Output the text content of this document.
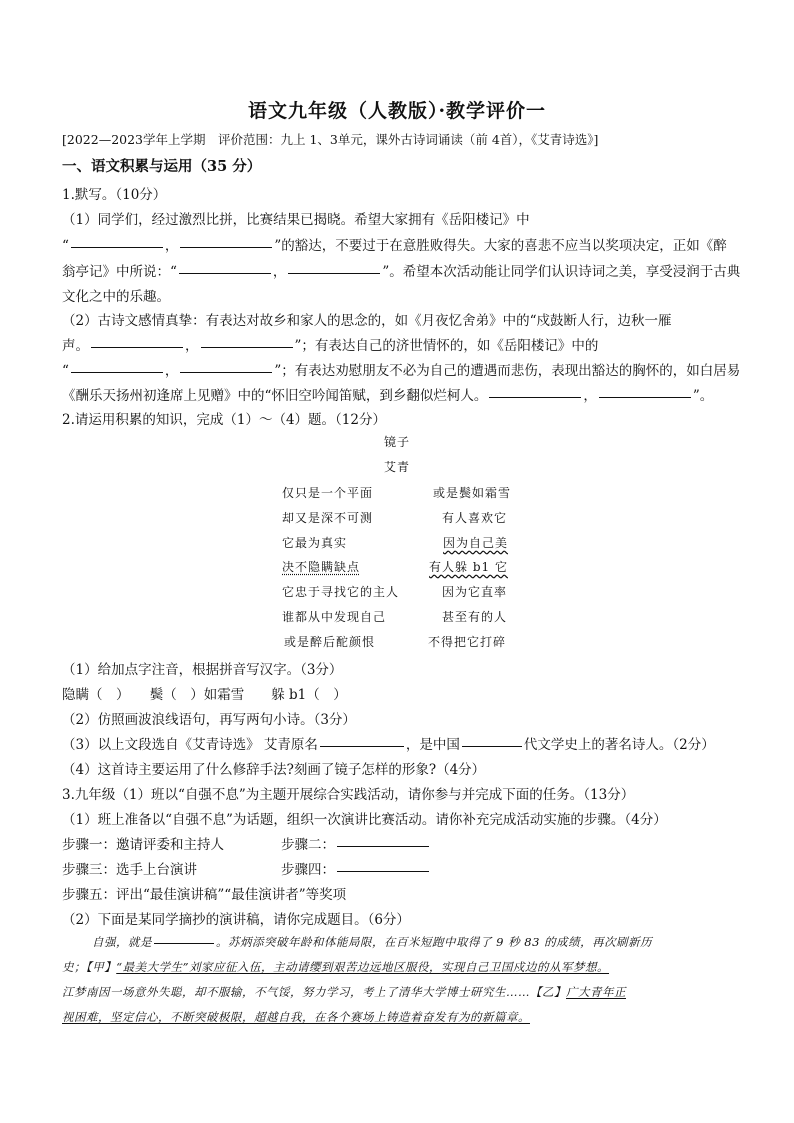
语文九年级（人教版）·教学评价一
[2022—2023学年上学期　评价范围：九上 1、3单元，课外古诗词诵读（前 4首），《艾青诗选》]
一、语文积累与运用（35 分）
1.默写。（10分）
（1）同学们，经过激烈比拼，比赛结果已揭晓。希望大家拥有《岳阳楼记》中
“	，	”的豁达，不要过于在意胜败得失。大家的喜悲不应当以奖项决定，正如《醉
翁亭记》中所说：“	，	”。希望本次活动能让同学们认识诗词之美，享受浸润于古典
文化之中的乐趣。
（2）古诗文感情真挚：有表达对故乡和家人的思念的，如《月夜忆舍弟》中的“戍鼓断人行，边秋一雁
声。	，	”；有表达自己的济世情怀的，如《岳阳楼记》中的
“	，	”；有表达劝慰朋友不必为自己的遭遇而悲伤，表现出豁达的胸怀的，如白居易
《酬乐天扬州初逢席上见赠》中的“怀旧空吟闻笛赋，到乡翻似烂柯人。	，	”。
2.请运用积累的知识，完成（1）～（4）题。（12分）
镜子
艾青
仅只是一个平面
却又是深不可测
它最为真实
决不隐瞒缺点
它忠于寻找它的主人
谁都从中发现自己
或是醉后酡颜恨
或是鬓如霜雪
有人喜欢它
因为自己美
有人躲 b1 它
因为它直率
甚至有的人
不得把它打碎
（1）给加点字注音，根据拼音写汉字。（3分）
隐瞒（　）　　鬓（　）如霜雪　　躲 b1（　）
（2）仿照画波浪线语句，再写两句小诗。（3分）
（3）以上文段选自《艾青诗选》 艾青原名	，是中国	代文学史上的著名诗人。（2分）
（4）这首诗主要运用了什么修辞手法?刻画了镜子怎样的形象?（4分）
3.九年级（1）班以“自强不息”为主题开展综合实践活动，请你参与并完成下面的任务。（13分）
（1）班上准备以“自强不息”为话题，组织一次演讲比赛活动。请你补充完成活动实施的步骤。（4分）
步骤一：邀请评委和主持人	步骤二：
步骤三：选手上台演讲	步骤四：
步骤五：评出“最佳演讲稿”“最佳演讲者”等奖项
（2）下面是某同学摘抄的演讲稿，请你完成题目。（6分）
自强，就是	。苏炳添突破年龄和体能局限，在百米短跑中取得了 9 秒 83 的成绩，再次刷新历
史；【甲】“最美大学生”刘家应征入伍，主动请缨到艰苦边远地区服役，实现自己卫国戍边的从军梦想。
江梦南因一场意外失聪，却不服输，不气馁，努力学习，考上了清华大学博士研究生……【乙】广大青年正
视困难，坚定信心，不断突破极限，超越自我，在各个赛场上铸造着奋发有为的新篇章。
